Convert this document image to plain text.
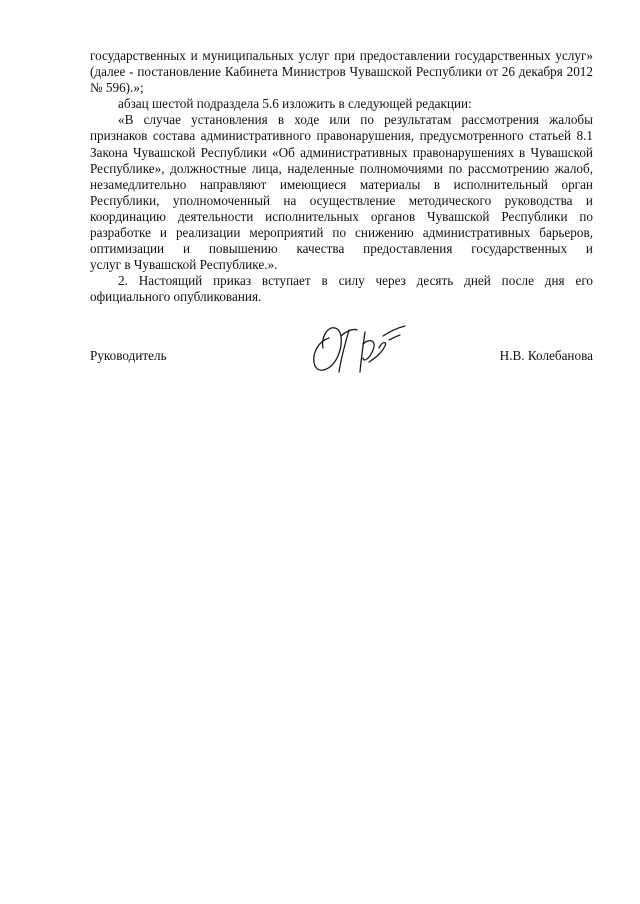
государственных и муниципальных услуг при предоставлении государственных услуг»
(далее - постановление Кабинета Министров Чувашской Республики от 26 декабря 2012
№ 596).»;
абзац шестой подраздела 5.6 изложить в следующей редакции:
«В случае установления в ходе или по результатам рассмотрения жалобы
признаков состава административного правонарушения, предусмотренного статьей 8.1
Закона Чувашской Республики «Об административных правонарушениях в Чувашской
Республике», должностные лица, наделенные полномочиями по рассмотрению жалоб,
незамедлительно направляют имеющиеся материалы в исполнительный орган
Республики, уполномоченный на осуществление методического руководства и
координацию деятельности исполнительных органов Чувашской Республики по
разработке и реализации мероприятий по снижению административных барьеров,
оптимизации и повышению качества предоставления государственных и
услуг в Чувашской Республике.».
2. Настоящий приказ вступает в силу через десять дней после дня его
официального опубликования.
Руководитель	Н.В. Колебанова
